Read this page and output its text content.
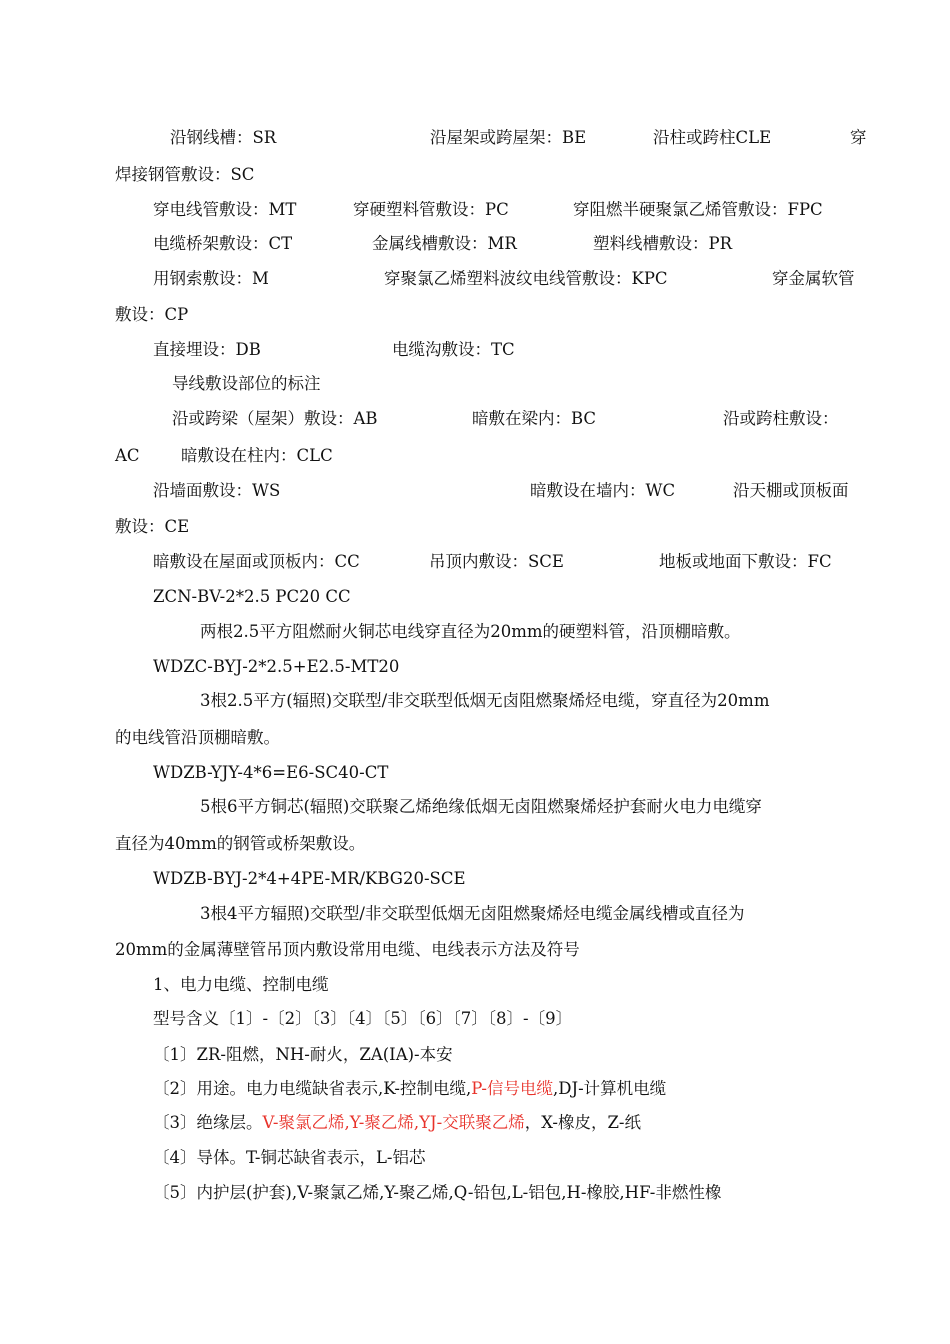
沿钢线槽：SR	沿屋架或跨屋架：BE	沿柱或跨柱CLE	穿
焊接钢管敷设：SC
穿电线管敷设：MT	穿硬塑料管敷设：PC	穿阻燃半硬聚氯乙烯管敷设：FPC
电缆桥架敷设：CT	金属线槽敷设：MR	塑料线槽敷设：PR
用钢索敷设：M	穿聚氯乙烯塑料波纹电线管敷设：KPC	穿金属软管
敷设：CP
直接埋设：DB	电缆沟敷设：TC
导线敷设部位的标注
沿或跨梁（屋架）敷设：AB	暗敷在梁内：BC	沿或跨柱敷设：
AC	暗敷设在柱内：CLC
沿墙面敷设：WS	暗敷设在墙内：WC	沿天棚或顶板面
敷设：CE
暗敷设在屋面或顶板内：CC	吊顶内敷设：SCE	地板或地面下敷设：FC
ZCN-BV-2*2.5 PC20 CC
两根2.5平方阻燃耐火铜芯电线穿直径为20mm的硬塑料管，沿顶棚暗敷。
WDZC-BYJ-2*2.5+E2.5-MT20
3根2.5平方(辐照)交联型/非交联型低烟无卤阻燃聚烯烃电缆，穿直径为20mm
的电线管沿顶棚暗敷。
WDZB-YJY-4*6=E6-SC40-CT
5根6平方铜芯(辐照)交联聚乙烯绝缘低烟无卤阻燃聚烯烃护套耐火电力电缆穿
直径为40mm的钢管或桥架敷设。
WDZB-BYJ-2*4+4PE-MR/KBG20-SCE
3根4平方辐照)交联型/非交联型低烟无卤阻燃聚烯烃电缆金属线槽或直径为
20mm的金属薄壁管吊顶内敷设常用电缆、电线表示方法及符号
1、电力电缆、控制电缆
型号含义〔1〕-〔2〕〔3〕〔4〕〔5〕〔6〕〔7〕〔8〕-〔9〕
〔1〕ZR-阻燃，NH-耐火，ZA(IA)-本安
〔2〕用途。电力电缆缺省表示,K-控制电缆,P-信号电缆,DJ-计算机电缆
〔3〕绝缘层。V-聚氯乙烯,Y-聚乙烯,YJ-交联聚乙烯，X-橡皮，Z-纸
〔4〕导体。T-铜芯缺省表示，L-铝芯
〔5〕内护层(护套),V-聚氯乙烯,Y-聚乙烯,Q-铅包,L-铝包,H-橡胶,HF-非燃性橡
